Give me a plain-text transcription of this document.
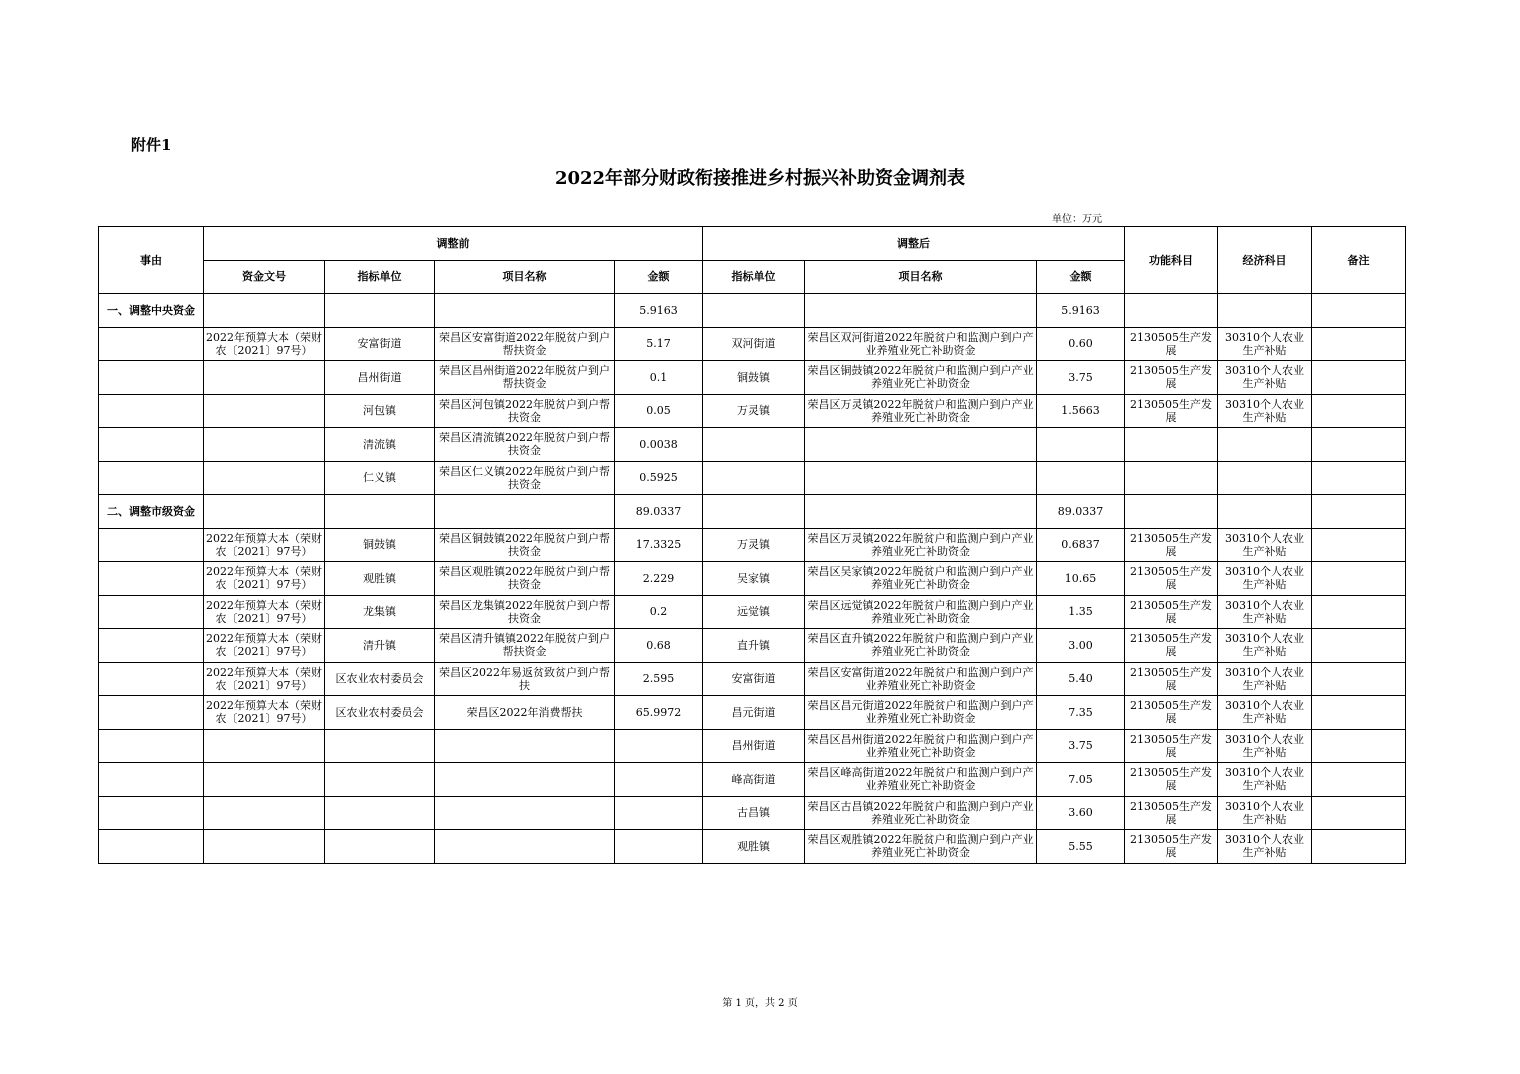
附件1
2022年部分财政衔接推进乡村振兴补助资金调剂表
单位：万元
事由	调整前				调整后			功能科目	经济科目	备注
	资金文号	指标单位	项目名称	金额	指标单位	项目名称	金额			
一、调整中央资金				5.9163			5.9163			
	2022年预算大本（荣财农〔2021〕97号）	安富街道	荣昌区安富街道2022年脱贫户到户帮扶资金	5.17	双河街道	荣昌区双河街道2022年脱贫户和监测户到户产业养殖业死亡补助资金	0.60	2130505生产发展	30310个人农业生产补贴	
		昌州街道	荣昌区昌州街道2022年脱贫户到户帮扶资金	0.1	铜鼓镇	荣昌区铜鼓镇2022年脱贫户和监测户到户产业养殖业死亡补助资金	3.75	2130505生产发展	30310个人农业生产补贴	
		河包镇	荣昌区河包镇2022年脱贫户到户帮扶资金	0.05	万灵镇	荣昌区万灵镇2022年脱贫户和监测户到户产业养殖业死亡补助资金	1.5663	2130505生产发展	30310个人农业生产补贴	
		清流镇	荣昌区清流镇2022年脱贫户到户帮扶资金	0.0038						
		仁义镇	荣昌区仁义镇2022年脱贫户到户帮扶资金	0.5925						
二、调整市级资金				89.0337			89.0337			
	2022年预算大本（荣财农〔2021〕97号）	铜鼓镇	荣昌区铜鼓镇2022年脱贫户到户帮扶资金	17.3325	万灵镇	荣昌区万灵镇2022年脱贫户和监测户到户产业养殖业死亡补助资金	0.6837	2130505生产发展	30310个人农业生产补贴	
	2022年预算大本（荣财农〔2021〕97号）	观胜镇	荣昌区观胜镇2022年脱贫户到户帮扶资金	2.229	吴家镇	荣昌区吴家镇2022年脱贫户和监测户到户产业养殖业死亡补助资金	10.65	2130505生产发展	30310个人农业生产补贴	
	2022年预算大本（荣财农〔2021〕97号）	龙集镇	荣昌区龙集镇2022年脱贫户到户帮扶资金	0.2	远觉镇	荣昌区远觉镇2022年脱贫户和监测户到户产业养殖业死亡补助资金	1.35	2130505生产发展	30310个人农业生产补贴	
	2022年预算大本（荣财农〔2021〕97号）	清升镇	荣昌区清升镇镇2022年脱贫户到户帮扶资金	0.68	直升镇	荣昌区直升镇2022年脱贫户和监测户到户产业养殖业死亡补助资金	3.00	2130505生产发展	30310个人农业生产补贴	
	2022年预算大本（荣财农〔2021〕97号）	区农业农村委员会	荣昌区2022年易返贫致贫户到户帮扶	2.595	安富街道	荣昌区安富街道2022年脱贫户和监测户到户产业养殖业死亡补助资金	5.40	2130505生产发展	30310个人农业生产补贴	
	2022年预算大本（荣财农〔2021〕97号）	区农业农村委员会	荣昌区2022年消费帮扶	65.9972	昌元街道	荣昌区昌元街道2022年脱贫户和监测户到户产业养殖业死亡补助资金	7.35	2130505生产发展	30310个人农业生产补贴	
					昌州街道	荣昌区昌州街道2022年脱贫户和监测户到户产业养殖业死亡补助资金	3.75	2130505生产发展	30310个人农业生产补贴	
					峰高街道	荣昌区峰高街道2022年脱贫户和监测户到户产业养殖业死亡补助资金	7.05	2130505生产发展	30310个人农业生产补贴	
					古昌镇	荣昌区古昌镇2022年脱贫户和监测户到户产业养殖业死亡补助资金	3.60	2130505生产发展	30310个人农业生产补贴	
					观胜镇	荣昌区观胜镇2022年脱贫户和监测户到户产业养殖业死亡补助资金	5.55	2130505生产发展	30310个人农业生产补贴	
第 1 页，共 2 页
